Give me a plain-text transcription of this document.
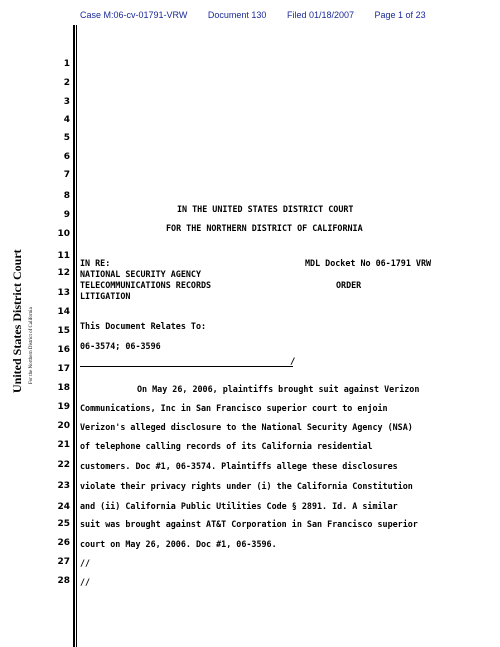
Case M:06-cv-01791-VRW Document 130 Filed 01/18/2007 Page 1 of 23
United States District Court For the Northern District of California
1
2
3
4
5
6
7
8
9
10
11
12
13
14
15
16
17
18
19
20
21
22
23
24
25
26
27
28
IN THE UNITED STATES DISTRICT COURT
FOR THE NORTHERN DISTRICT OF CALIFORNIA
IN RE:
NATIONAL SECURITY AGENCY
TELECOMMUNICATIONS RECORDS
LITIGATION
MDL Docket No 06-1791 VRW
ORDER
This Document Relates To:
06-3574; 06-3596
/
On May 26, 2006, plaintiffs brought suit against Verizon
Communications, Inc in San Francisco superior court to enjoin
Verizon's alleged disclosure to the National Security Agency (NSA)
of telephone calling records of its California residential
customers. Doc #1, 06-3574. Plaintiffs allege these disclosures
violate their privacy rights under (i) the California Constitution
and (ii) California Public Utilities Code § 2891. Id. A similar
suit was brought against AT&T Corporation in San Francisco superior
court on May 26, 2006. Doc #1, 06-3596.
//
//
